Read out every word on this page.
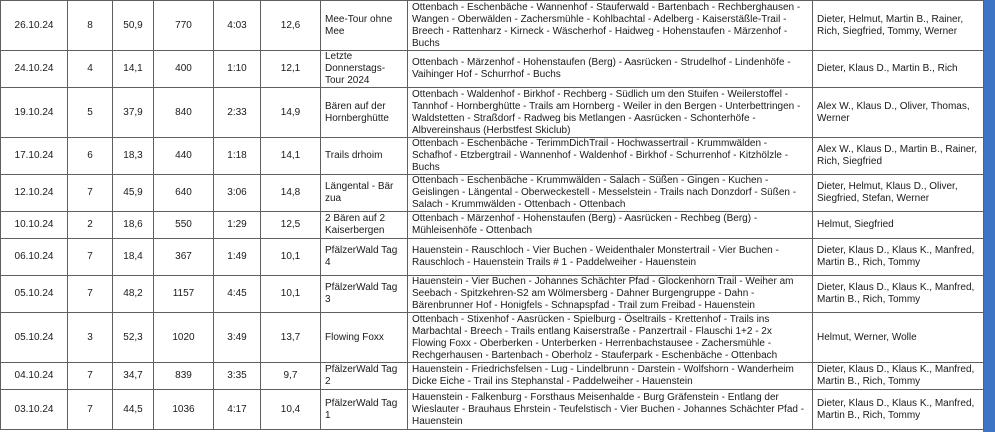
26.10.24	8	50,9	770	4:03	12,6	Mee-Tour ohne Mee	Ottenbach - Eschenbäche - Wannenhof - Stauferwald - Bartenbach - Rechberghausen - Wangen - Oberwälden - Zachersmühle - Kohlbachtal - Adelberg - Kaiserstäßle-Trail - Breech - Rattenharz - Kirneck - Wäscherhof - Haidweg - Hohenstaufen - Märzenhof - Buchs	Dieter, Helmut, Martin B., Rainer, Rich, Siegfried, Tommy, Werner
24.10.24	4	14,1	400	1:10	12,1	Letzte Donnerstags-Tour 2024	Ottenbach - Märzenhof - Hohenstaufen (Berg) - Aasrücken - Strudelhof - Lindenhöfe - Vaihinger Hof - Schurrhof - Buchs	Dieter, Klaus D., Martin B., Rich
19.10.24	5	37,9	840	2:33	14,9	Bären auf der Hornberghütte	Ottenbach - Waldenhof - Birkhof - Rechberg - Südlich um den Stuifen - Weilerstoffel - Tannhof - Hornberghütte - Trails am Hornberg - Weiler in den Bergen - Unterbettringen - Waldstetten - Straßdorf - Radweg bis Metlangen - Aasrücken - Schonterhöfe - Albvereinshaus (Herbstfest Skiclub)	Alex W., Klaus D., Oliver, Thomas, Werner
17.10.24	6	18,3	440	1:18	14,1	Trails drhoim	Ottenbach - Eschenbäche - TerimmDichTrail - Hochwassertrail - Krummwälden - Schafhof - Etzbergtrail - Wannenhof - Waldenhof - Birkhof - Schurrenhof - Kitzhölzle - Buchs	Alex W., Klaus D., Martin B., Rainer, Rich, Siegfried
12.10.24	7	45,9	640	3:06	14,8	Längental - Bär zua	Ottenbach - Eschenbäche - Krummwälden - Salach - Süßen - Gingen - Kuchen - Geislingen - Längental - Oberweckestell - Messelstein - Trails nach Donzdorf - Süßen - Salach - Krummwälden - Ottenbach - Ottenbach	Dieter, Helmut, Klaus D., Oliver, Siegfried, Stefan, Werner
10.10.24	2	18,6	550	1:29	12,5	2 Bären auf 2 Kaiserbergen	Ottenbach - Märzenhof - Hohenstaufen (Berg) - Aasrücken - Rechbeg (Berg) - Mühleisenhöfe - Ottenbach	Helmut, Siegfried
06.10.24	7	18,4	367	1:49	10,1	PfälzerWald Tag 4	Hauenstein - Rauschloch - Vier Buchen - Weidenthaler Monstertrail - Vier Buchen - Rauschloch - Hauenstein Trails # 1 - Paddelweiher - Hauenstein	Dieter, Klaus D., Klaus K., Manfred, Martin B., Rich, Tommy
05.10.24	7	48,2	1157	4:45	10,1	PfälzerWald Tag 3	Hauenstein - Vier Buchen - Johannes Schächter Pfad - Glockenhorn Trail - Weiher am Seebach - Spitzkehren-S2 am Wölmersberg - Dahner Burgengruppe - Dahn - Bärenbrunner Hof - Honigfels - Schnapspfad - Trail zum Freibad - Hauenstein	Dieter, Klaus D., Klaus K., Manfred, Martin B., Rich, Tommy
05.10.24	3	52,3	1020	3:49	13,7	Flowing Foxx	Ottenbach - Stixenhof - Aasrücken - Spielburg - Öseltrails - Krettenhof - Trails ins Marbachtal - Breech - Trails entlang Kaiserstraße - Panzertrail - Flauschi 1+2 - 2x Flowing Foxx - Oberberken - Unterberken - Herrenbachstausee - Zachersmühle - Rechgerhausen - Bartenbach - Oberholz - Stauferpark - Eschenbäche - Ottenbach	Helmut, Werner, Wolle
04.10.24	7	34,7	839	3:35	9,7	PfälzerWald Tag 2	Hauenstein - Friedrichsfelsen - Lug - Lindelbrunn - Darstein - Wolfshorn - Wanderheim Dicke Eiche - Trail ins Stephanstal - Paddelweiher - Hauenstein	Dieter, Klaus D., Klaus K., Manfred, Martin B., Rich, Tommy
03.10.24	7	44,5	1036	4:17	10,4	PfälzerWald Tag 1	Hauenstein - Falkenburg - Forsthaus Meisenhalde - Burg Gräfenstein - Entlang der Wieslauter - Brauhaus Ehrstein - Teufelstisch - Vier Buchen - Johannes Schächter Pfad - Hauenstein	Dieter, Klaus D., Klaus K., Manfred, Martin B., Rich, Tommy
